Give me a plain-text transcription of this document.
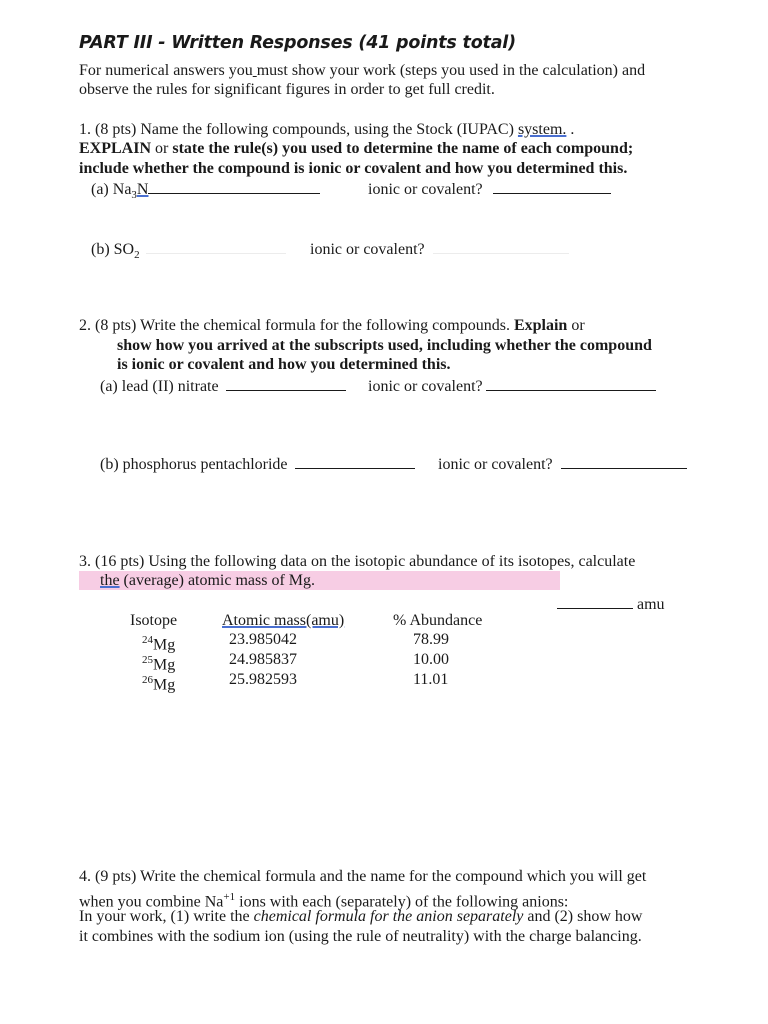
PART III - Written Responses (41 points total)
For numerical answers you must show your work (steps you used in the calculation) and
observe the rules for significant figures in order to get full credit.
1. (8 pts) Name the following compounds, using the Stock (IUPAC) system. .
EXPLAIN or state the rule(s) you used to determine the name of each compound;
include whether the compound is ionic or covalent and how you determined this.
(a) $Na_3N$	ionic or covalent?
(b) $SO_2$	ionic or covalent?
2. (8 pts) Write the chemical formula for the following compounds. Explain or
show how you arrived at the subscripts used, including whether the compound
is ionic or covalent and how you determined this.
(a) lead (II) nitrate	ionic or covalent?
(b) phosphorus pentachloride	ionic or covalent?
3. (16 pts) Using the following data on the isotopic abundance of its isotopes, calculate
the (average) atomic mass of Mg.
amu
Isotope	Atomic mass(amu)	% Abundance
$^{24}$Mg	23.985042	78.99
$^{25}$Mg	24.985837	10.00
$^{26}$Mg	25.982593	11.01
4. (9 pts) Write the chemical formula and the name for the compound which you will get
when you combine $Na^{+1}$ ions with each (separately) of the following anions:
In your work, (1) write the chemical formula for the anion separately and (2) show how
it combines with the sodium ion (using the rule of neutrality) with the charge balancing.
